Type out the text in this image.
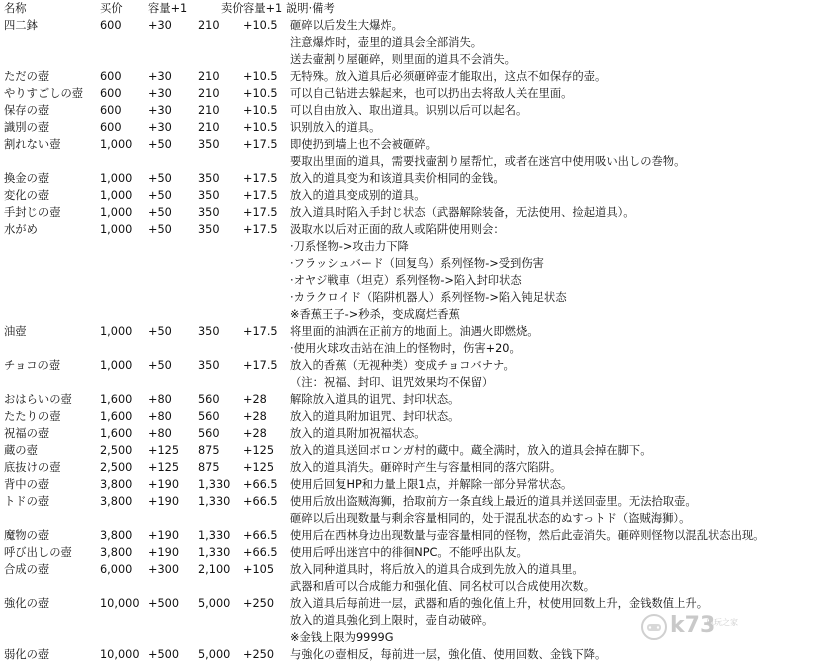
名称	买价 容量+1	卖价 容量+1 説明·備考
四二鉢	600 +30 210 +10.5 砸碎以后发生大爆炸。
注意爆炸时，壶里的道具会全部消失。
送去壷割り屋砸碎，则里面的道具不会消失。
ただの壺	600 +30 210 +10.5 无特殊。放入道具后必须砸碎壶才能取出，这点不如保存的壶。
やりすごしの壺 600 +30 210 +10.5 可以自己钻进去躲起来，也可以扔出去将敌人关在里面。
保存の壺	600 +30 210 +10.5 可以自由放入、取出道具。识别以后可以起名。
識別の壺	600 +30 210 +10.5 识别放入的道具。
割れない壺	1,000 +50 350 +17.5 即使扔到墙上也不会被砸碎。
要取出里面的道具，需要找壷割り屋帮忙，或者在迷宫中使用吸い出しの巻物。
換金の壺	1,000 +50 350 +17.5 放入的道具变为和该道具卖价相同的金钱。
変化の壺	1,000 +50 350 +17.5 放入的道具变成别的道具。
手封じの壺	1,000 +50 350 +17.5 放入道具时陷入手封じ状态（武器解除装备，无法使用、捡起道具）。
水がめ	1,000 +50 350 +17.5 汲取水以后对正面的敌人或陷阱使用则会：
·刀系怪物->攻击力下降
·フラッシュバード（回复鸟）系列怪物->受到伤害
·オヤジ戦車（坦克）系列怪物->陷入封印状态
·カラクロイド（陷阱机器人）系列怪物->陷入钝足状态
※香蕉王子->秒杀，变成腐烂香蕉
油壺	1,000 +50 350 +17.5 将里面的油洒在正前方的地面上。油遇火即燃烧。
·使用火球攻击站在油上的怪物时，伤害+20。
チョコの壺	1,000 +50 350 +17.5 放入的香蕉（无视种类）变成チョコバナナ。
（注：祝福、封印、诅咒效果均不保留）
おはらいの壺 1,600 +80 560 +28 解除放入道具的诅咒、封印状态。
たたりの壺	1,600 +80 560 +28 放入的道具附加诅咒、封印状态。
祝福の壺	1,600 +80 560 +28 放入的道具附加祝福状态。
蔵の壺	2,500 +125 875 +125 放入的道具送回ボロンガ村的蔵中。蔵全满时，放入的道具会掉在脚下。
底抜けの壺	2,500 +125 875 +125 放入的道具消失。砸碎时产生与容量相同的落穴陷阱。
背中の壺	3,800 +190 1,330 +66.5 使用后回复HP和力量上限1点，并解除一部分异常状态。
トドの壺	3,800 +190 1,330 +66.5 使用后放出盗贼海狮，拾取前方一条直线上最近的道具并送回壶里。无法拾取壶。
砸碎以后出现数量与剩余容量相同的，处于混乱状态的ぬすっトド（盗贼海狮）。
魔物の壺	3,800 +190 1,330 +66.5 使用后在西林身边出现数量与壶容量相同的怪物，然后此壶消失。砸碎则怪物以混乱状态出现。
呼び出しの壺 3,800 +190 1,330 +66.5 使用后呼出迷宫中的徘徊NPC。不能呼出队友。
合成の壺	6,000 +300 2,100 +105 放入同种道具时，将后放入的道具合成到先放入的道具里。
武器和盾可以合成能力和强化值、同名杖可以合成使用次数。
強化の壺	10,000 +500 5,000 +250 放入道具后每前进一层，武器和盾的強化值上升，杖使用回数上升，金钱数值上升。
放入的道具強化到上限时，壶自动破碎。
※金钱上限为9999G
弱化の壺	10,000 +500 5,000 +250 与強化の壺相反，每前进一层，強化值、使用回数、金钱下降。
k73
电玩之家
